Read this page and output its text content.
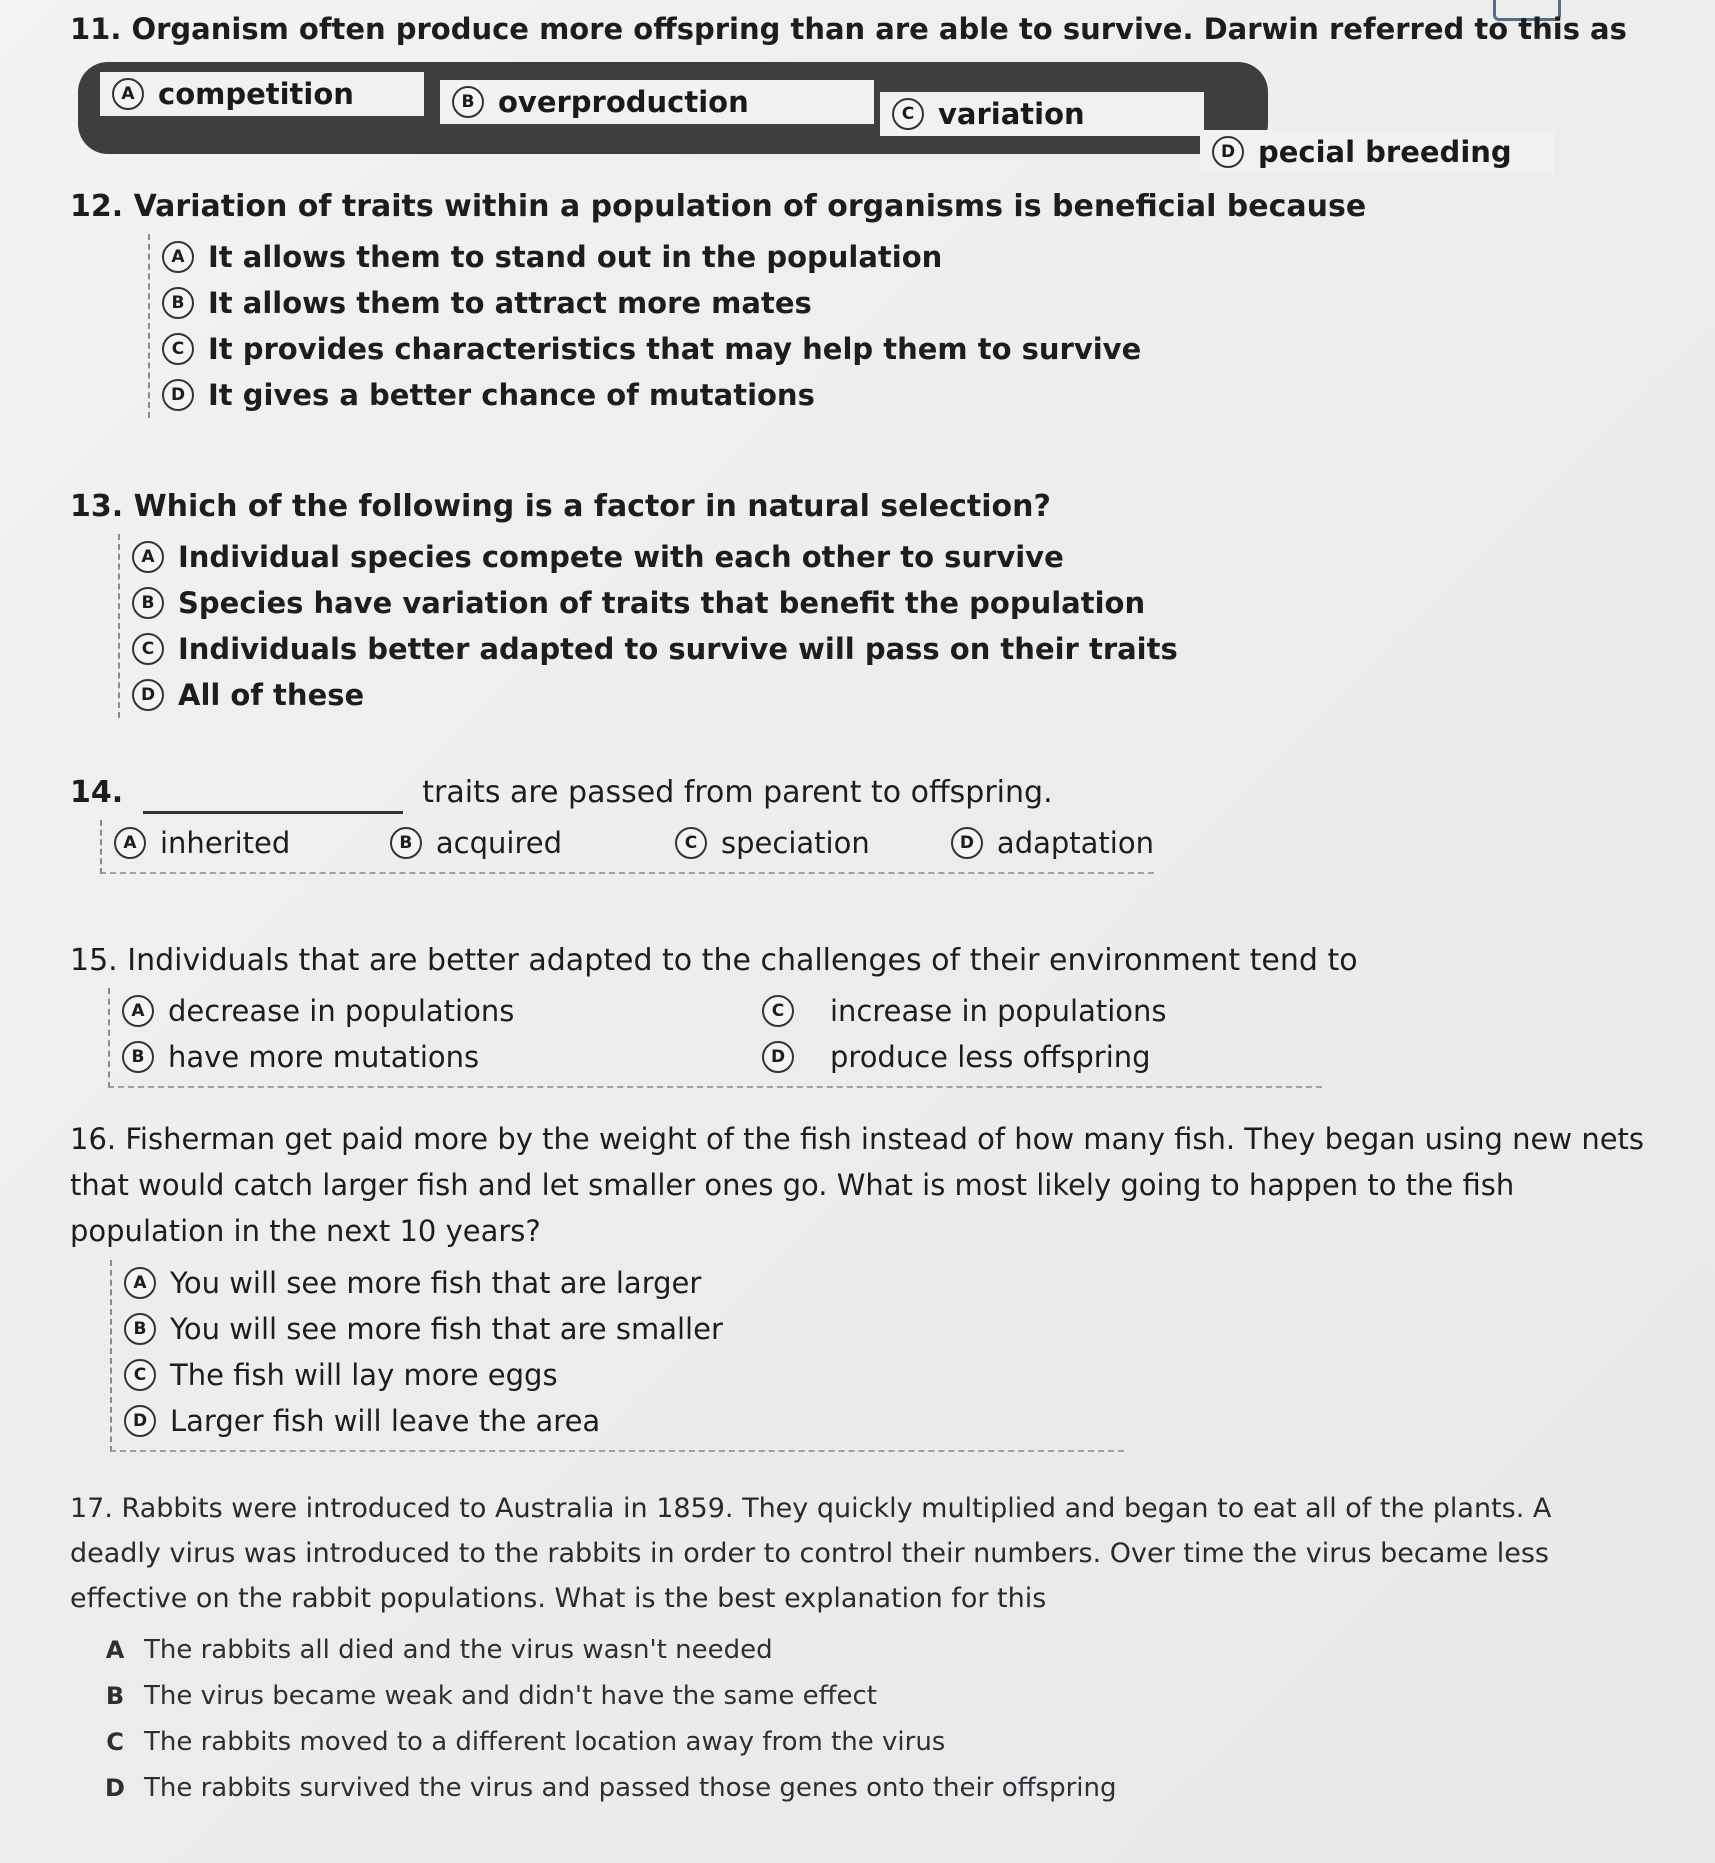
11. Organism often produce more offspring than are able to survive. Darwin referred to this as
A competition	B overproduction	C variation
D pecial breeding
12. Variation of traits within a population of organisms is beneficial because
A It allows them to stand out in the population
B It allows them to attract more mates
C It provides characteristics that may help them to survive
D It gives a better chance of mutations
13. Which of the following is a factor in natural selection?
A Individual species compete with each other to survive
B Species have variation of traits that benefit the population
C Individuals better adapted to survive will pass on their traits
D All of these
14.	traits are passed from parent to offspring.
A inherited	B acquired	C speciation	D adaptation
15. Individuals that are better adapted to the challenges of their environment tend to
A decrease in populations	C	increase in populations
B have more mutations	D	produce less offspring
16. Fisherman get paid more by the weight of the fish instead of how many fish. They began using new nets that would catch larger fish and let smaller ones go. What is most likely going to happen to the fish population in the next 10 years?
A You will see more fish that are larger
B You will see more fish that are smaller
C The fish will lay more eggs
D Larger fish will leave the area
17. Rabbits were introduced to Australia in 1859. They quickly multiplied and began to eat all of the plants. A deadly virus was introduced to the rabbits in order to control their numbers. Over time the virus became less effective on the rabbit populations. What is the best explanation for this
A The rabbits all died and the virus wasn't needed
B The virus became weak and didn't have the same effect
C The rabbits moved to a different location away from the virus
D The rabbits survived the virus and passed those genes onto their offspring
